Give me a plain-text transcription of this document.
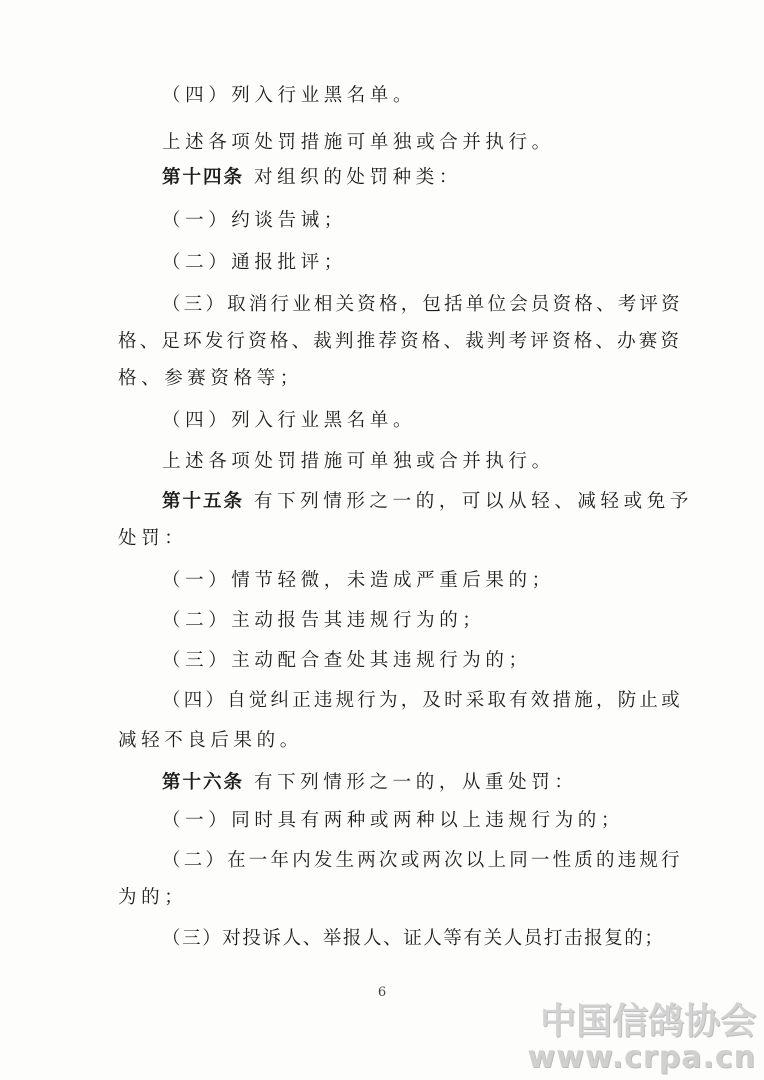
（四）列入行业黑名单。
上述各项处罚措施可单独或合并执行。
第十四条 对组织的处罚种类：
（一）约谈告诫；
（二）通报批评；
（三）取消行业相关资格，包括单位会员资格、考评资
格、足环发行资格、裁判推荐资格、裁判考评资格、办赛资
格、参赛资格等；
（四）列入行业黑名单。
上述各项处罚措施可单独或合并执行。
第十五条 有下列情形之一的，可以从轻、减轻或免予
处罚：
（一）情节轻微，未造成严重后果的；
（二）主动报告其违规行为的；
（三）主动配合查处其违规行为的；
（四）自觉纠正违规行为，及时采取有效措施，防止或
减轻不良后果的。
第十六条 有下列情形之一的，从重处罚：
（一）同时具有两种或两种以上违规行为的；
（二）在一年内发生两次或两次以上同一性质的违规行
为的；
（三）对投诉人、举报人、证人等有关人员打击报复的；
6
中国信鸽协会
www.crpa.cn
